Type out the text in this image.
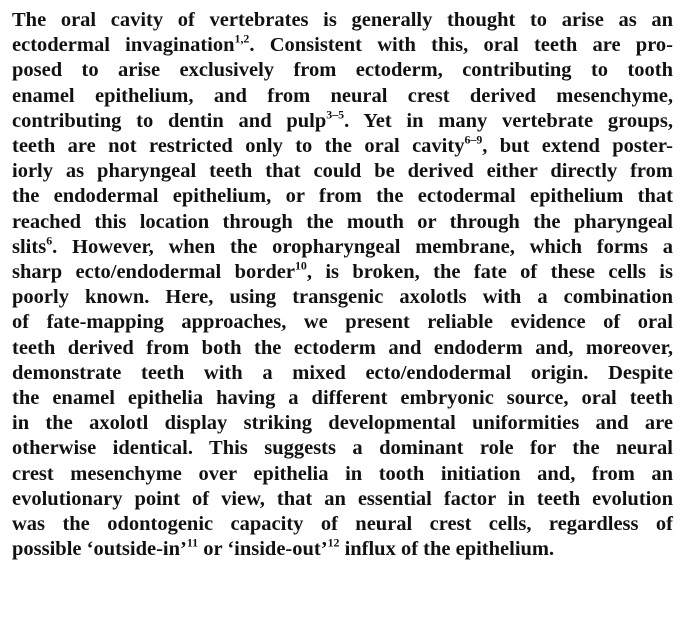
The oral cavity of vertebrates is generally thought to arise as an
ectodermal invagination$^{1,2}$. Consistent with this, oral teeth are pro-
posed to arise exclusively from ectoderm, contributing to tooth
enamel epithelium, and from neural crest derived mesenchyme,
contributing to dentin and pulp$^{3-5}$. Yet in many vertebrate groups,
teeth are not restricted only to the oral cavity$^{6-9}$, but extend poster-
iorly as pharyngeal teeth that could be derived either directly from
the endodermal epithelium, or from the ectodermal epithelium that
reached this location through the mouth or through the pharyngeal
slits$^6$. However, when the oropharyngeal membrane, which forms a
sharp ecto/endodermal border$^{10}$, is broken, the fate of these cells is
poorly known. Here, using transgenic axolotls with a combination
of fate-mapping approaches, we present reliable evidence of oral
teeth derived from both the ectoderm and endoderm and, moreover,
demonstrate teeth with a mixed ecto/endodermal origin. Despite
the enamel epithelia having a different embryonic source, oral teeth
in the axolotl display striking developmental uniformities and are
otherwise identical. This suggests a dominant role for the neural
crest mesenchyme over epithelia in tooth initiation and, from an
evolutionary point of view, that an essential factor in teeth evolution
was the odontogenic capacity of neural crest cells, regardless of
possible ‘outside-in’$^{11}$ or ‘inside-out’$^{12}$ influx of the epithelium.
